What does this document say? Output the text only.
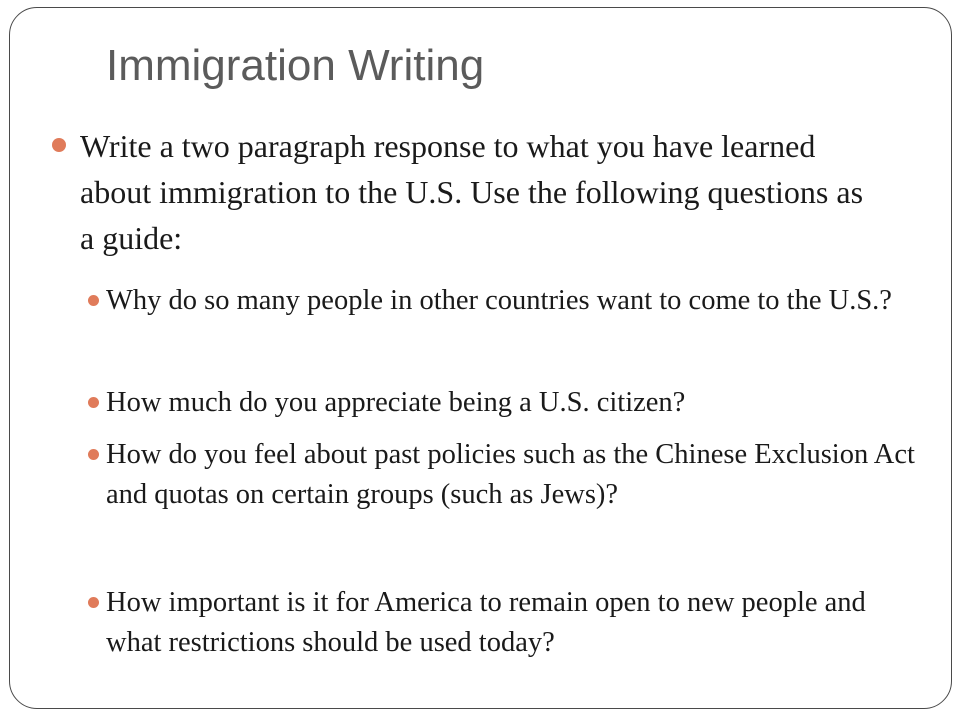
Immigration Writing
Write a two paragraph response to what you have learned about immigration to the U.S. Use the following questions as a guide:
Why do so many people in other countries want to come to the U.S.?
How much do you appreciate being a U.S. citizen?
How do you feel about past policies such as the Chinese Exclusion Act and quotas on certain groups (such as Jews)?
How important is it for America to remain open to new people and what restrictions should be used today?
